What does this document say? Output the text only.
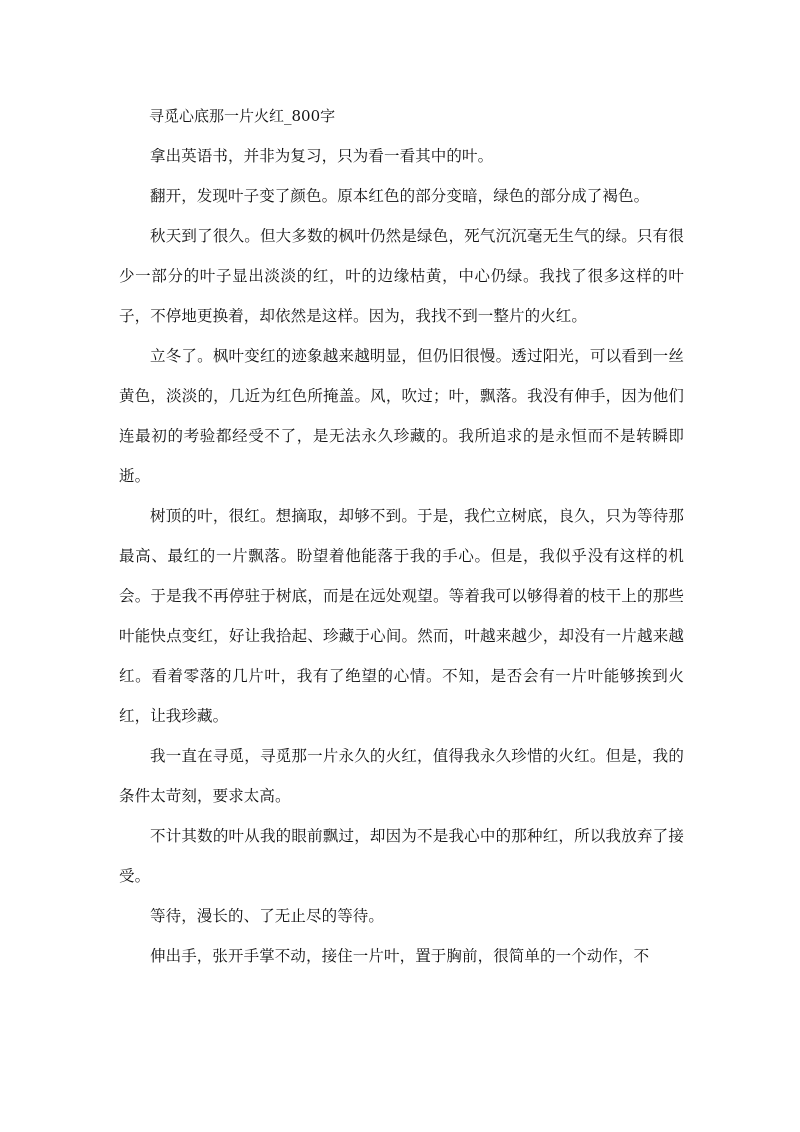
寻觅心底那一片火红_800字

拿出英语书，并非为复习，只为看一看其中的叶。

翻开，发现叶子变了颜色。原本红色的部分变暗，绿色的部分成了褐色。

秋天到了很久。但大多数的枫叶仍然是绿色，死气沉沉毫无生气的绿。只有很少一部分的叶子显出淡淡的红，叶的边缘枯黄，中心仍绿。我找了很多这样的叶子，不停地更换着，却依然是这样。因为，我找不到一整片的火红。

立冬了。枫叶变红的迹象越来越明显，但仍旧很慢。透过阳光，可以看到一丝黄色，淡淡的，几近为红色所掩盖。风，吹过；叶，飘落。我没有伸手，因为他们连最初的考验都经受不了，是无法永久珍藏的。我所追求的是永恒而不是转瞬即逝。

树顶的叶，很红。想摘取，却够不到。于是，我伫立树底，良久，只为等待那最高、最红的一片飘落。盼望着他能落于我的手心。但是，我似乎没有这样的机会。于是我不再停驻于树底，而是在远处观望。等着我可以够得着的枝干上的那些叶能快点变红，好让我拾起、珍藏于心间。然而，叶越来越少，却没有一片越来越红。看着零落的几片叶，我有了绝望的心情。不知，是否会有一片叶能够挨到火红，让我珍藏。

我一直在寻觅，寻觅那一片永久的火红，值得我永久珍惜的火红。但是，我的条件太苛刻，要求太高。

不计其数的叶从我的眼前飘过，却因为不是我心中的那种红，所以我放弃了接受。

等待，漫长的、了无止尽的等待。

伸出手，张开手掌不动，接住一片叶，置于胸前，很简单的一个动作，不
